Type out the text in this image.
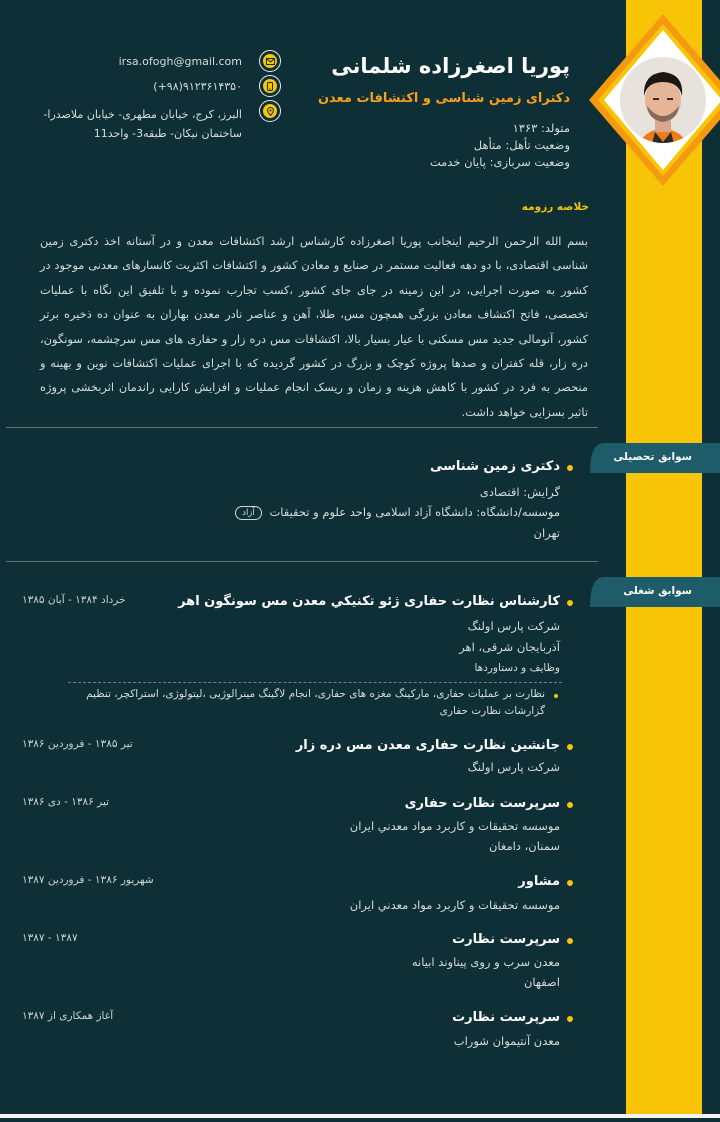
پوریا اصغرزاده شلمانی
دکترای زمین شناسی و اکتشافات معدن
متولد: ۱۳۶۳
وضعیت تأهل: متأهل
وضعیت سربازی: پایان خدمت
irsa.ofogh@gmail.com
(+۹۸)۹۱۲۳۶۱۴۳۵۰
البرز، کرج، خیابان مطهری- خیابان ملاصدرا-
ساختمان نیکان- طبقه3- واحد11
خلاصه رزومه
بسم الله الرحمن الرحیم اینجانب پوریا اصغرزاده کارشناس ارشد اکتشافات معدن و در آستانه اخذ دکتری زمین شناسی اقتصادی، با دو دهه فعالیت مستمر در صنایع و معادن کشور و اکتشافات اکثریت کانسارهای معدنی موجود در کشور به صورت اجرایی، در این زمینه در جای جای کشور ،کسب تجارب نموده و با تلفیق این نگاه با عملیات تخصصی، فاتح اکتشاف معادن بزرگی همچون مس، طلا، آهن و عناصر نادر معدن بهاران به عنوان ده ذخیره برتر کشور، آنومالی جدید مس مسکنی با عیار بسیار بالا، اکتشافات مس دره زار و حفاری های مس سرچشمه، سونگون، دره زار، قله کفتران و صدها پروژه کوچک و بزرگ در کشور گردیده که با اجرای عملیات اکتشافات نوین و بهینه و منحصر به فرد در کشور با کاهش هزینه و زمان و ریسک انجام عملیات و افزایش کارایی راندمان اثربخشی پروژه تاثیر بسزایی خواهد داشت.
سوابق تحصیلی
دکتری زمین شناسی
گرایش: اقتصادی
موسسه/دانشگاه: دانشگاه آزاد اسلامی واحد علوم و تحقیقات آزاد
تهران
سوابق شغلی
کارشناس نظارت حفاری ژئو تکنیکي معدن مس سونگون اهر
خرداد ۱۳۸۴ - آبان ۱۳۸۵
شرکت پارس اولنگ
آذربایجان شرقی، اهر
وظایف و دستاوردها
نظارت بر عملیات حفاری، مارکینگ مغزه های حفاری، انجام لاگینگ مینرالوژیی ،لیتولوژی، استراکچر، تنظیم
گزارشات نظارت حفاری
جانشین نظارت حفاری معدن مس دره زار
تیر ۱۳۸۵ - فروردین ۱۳۸۶
شرکت پارس اولنگ
سرپرست نظارت حفاری
تیر ۱۳۸۶ - دی ۱۳۸۶
موسسه تحقیقات و کاربرد مواد معدني ايران
سمنان، دامغان
مشاور
شهریور ۱۳۸۶ - فروردین ۱۳۸۷
موسسه تحقیقات و کاربرد مواد معدني ايران
سرپرست نظارت
۱۳۸۷ - ۱۳۸۷
معدن سرب و روی پیناوند ابیانه
اصفهان
سرپرست نظارت
آغاز همکاری از ۱۳۸۷
معدن آنتیموان شوراب
